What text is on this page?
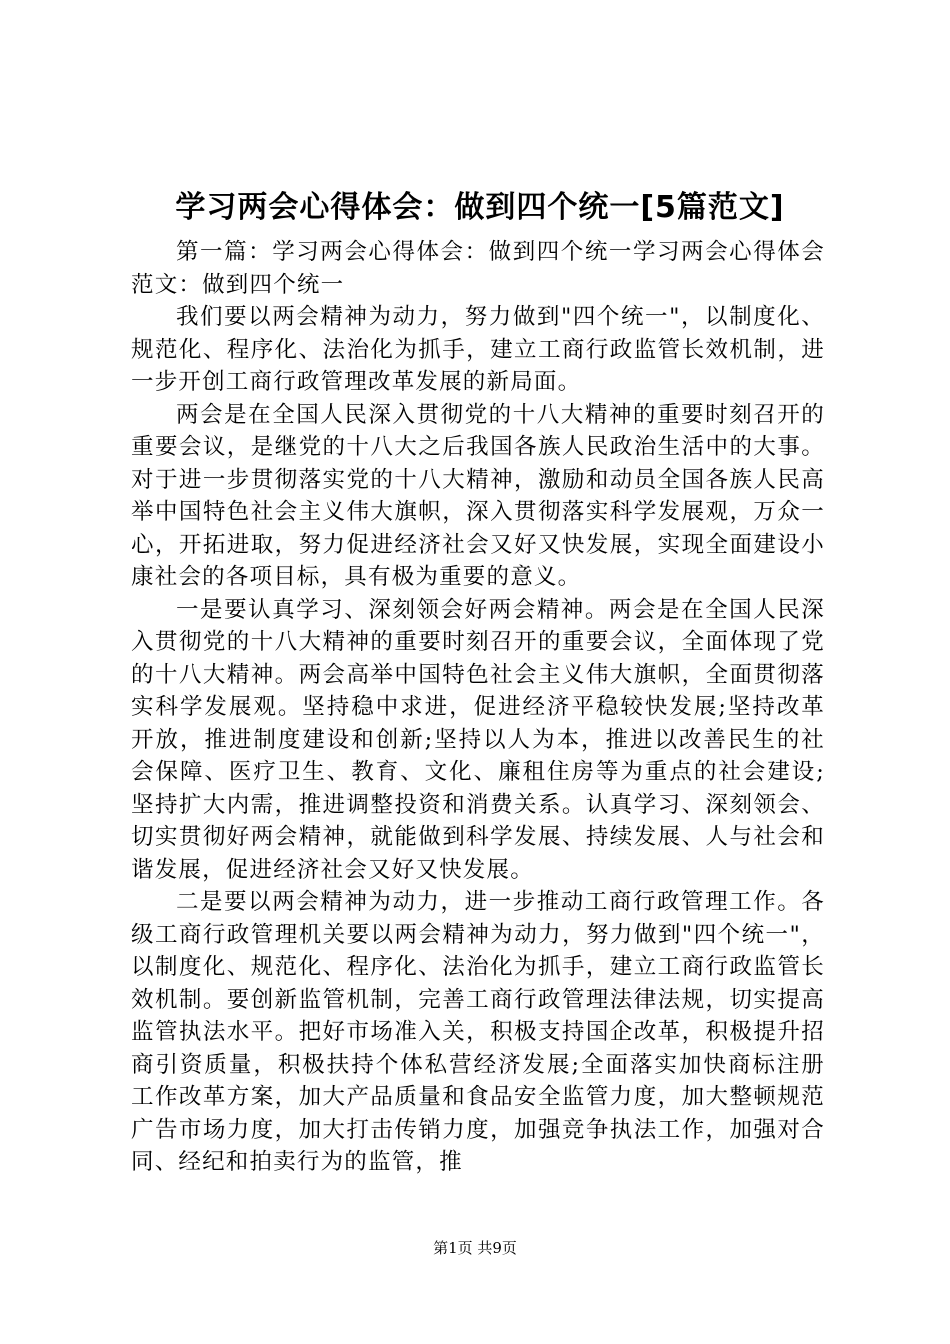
学习两会心得体会：做到四个统一[5篇范文]

第一篇：学习两会心得体会：做到四个统一学习两会心得体会范文：做到四个统一

我们要以两会精神为动力，努力做到"四个统一"，以制度化、规范化、程序化、法治化为抓手，建立工商行政监管长效机制，进一步开创工商行政管理改革发展的新局面。

两会是在全国人民深入贯彻党的十八大精神的重要时刻召开的重要会议，是继党的十八大之后我国各族人民政治生活中的大事。对于进一步贯彻落实党的十八大精神，激励和动员全国各族人民高举中国特色社会主义伟大旗帜，深入贯彻落实科学发展观，万众一心，开拓进取，努力促进经济社会又好又快发展，实现全面建设小康社会的各项目标，具有极为重要的意义。

一是要认真学习、深刻领会好两会精神。两会是在全国人民深入贯彻党的十八大精神的重要时刻召开的重要会议，全面体现了党的十八大精神。两会高举中国特色社会主义伟大旗帜，全面贯彻落实科学发展观。坚持稳中求进，促进经济平稳较快发展;坚持改革开放，推进制度建设和创新;坚持以人为本，推进以改善民生的社会保障、医疗卫生、教育、文化、廉租住房等为重点的社会建设;坚持扩大内需，推进调整投资和消费关系。认真学习、深刻领会、切实贯彻好两会精神，就能做到科学发展、持续发展、人与社会和谐发展，促进经济社会又好又快发展。

二是要以两会精神为动力，进一步推动工商行政管理工作。各级工商行政管理机关要以两会精神为动力，努力做到"四个统一"，以制度化、规范化、程序化、法治化为抓手，建立工商行政监管长效机制。要创新监管机制，完善工商行政管理法律法规，切实提高监管执法水平。把好市场准入关，积极支持国企改革，积极提升招商引资质量，积极扶持个体私营经济发展;全面落实加快商标注册工作改革方案，加大产品质量和食品安全监管力度，加大整顿规范广告市场力度，加大打击传销力度，加强竞争执法工作，加强对合同、经纪和拍卖行为的监管，推

第1页 共9页
